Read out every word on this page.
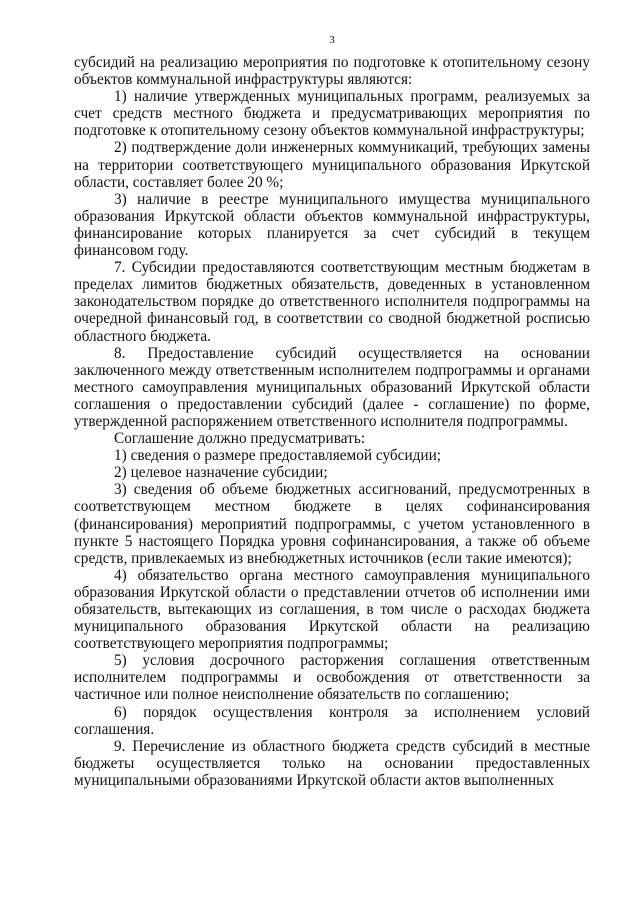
3

субсидий на реализацию мероприятия по подготовке к отопительному сезону объектов коммунальной инфраструктуры являются:

1) наличие утвержденных муниципальных программ, реализуемых за счет средств местного бюджета и предусматривающих мероприятия по подготовке к отопительному сезону объектов коммунальной инфраструктуры;

2) подтверждение доли инженерных коммуникаций, требующих замены на территории соответствующего муниципального образования Иркутской области, составляет более 20 %;

3) наличие в реестре муниципального имущества муниципального образования Иркутской области объектов коммунальной инфраструктуры, финансирование которых планируется за счет субсидий в текущем финансовом году.

7. Субсидии предоставляются соответствующим местным бюджетам в пределах лимитов бюджетных обязательств, доведенных в установленном законодательством порядке до ответственного исполнителя подпрограммы на очередной финансовый год, в соответствии со сводной бюджетной росписью областного бюджета.

8. Предоставление субсидий осуществляется на основании заключенного между ответственным исполнителем подпрограммы и органами местного самоуправления муниципальных образований Иркутской области соглашения о предоставлении субсидий (далее - соглашение) по форме, утвержденной распоряжением ответственного исполнителя подпрограммы.

Соглашение должно предусматривать:

1) сведения о размере предоставляемой субсидии;

2) целевое назначение субсидии;

3) сведения об объеме бюджетных ассигнований, предусмотренных в соответствующем местном бюджете в целях софинансирования (финансирования) мероприятий подпрограммы, с учетом установленного в пункте 5 настоящего Порядка уровня софинансирования, а также об объеме средств, привлекаемых из внебюджетных источников (если такие имеются);

4) обязательство органа местного самоуправления муниципального образования Иркутской области о представлении отчетов об исполнении ими обязательств, вытекающих из соглашения, в том числе о расходах бюджета муниципального образования Иркутской области на реализацию соответствующего мероприятия подпрограммы;

5) условия досрочного расторжения соглашения ответственным исполнителем подпрограммы и освобождения от ответственности за частичное или полное неисполнение обязательств по соглашению;

6) порядок осуществления контроля за исполнением условий соглашения.

9. Перечисление из областного бюджета средств субсидий в местные бюджеты осуществляется только на основании предоставленных муниципальными образованиями Иркутской области актов выполненных
